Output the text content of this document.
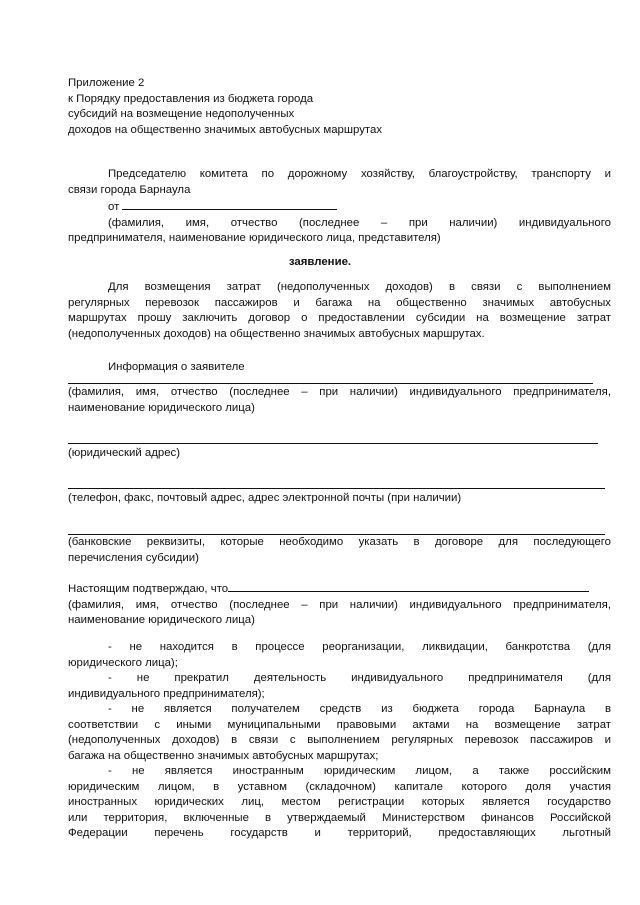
Приложение 2
к Порядку предоставления из бюджета города
субсидий на возмещение недополученных
доходов на общественно значимых автобусных маршрутах
Председателю комитета по дорожному хозяйству, благоустройству, транспорту и
связи города Барнаула
от
(фамилия, имя, отчество (последнее – при наличии) индивидуального
предпринимателя, наименование юридического лица, представителя)
заявление.
Для возмещения затрат (недополученных доходов) в связи с выполнением
регулярных перевозок пассажиров и багажа на общественно значимых автобусных
маршрутах прошу заключить договор о предоставлении субсидии на возмещение затрат
(недополученных доходов) на общественно значимых автобусных маршрутах.
Информация о заявителе
(фамилия, имя, отчество (последнее – при наличии) индивидуального предпринимателя,
наименование юридического лица)
(юридический адрес)
(телефон, факс, почтовый адрес, адрес электронной почты (при наличии)
(банковские реквизиты, которые необходимо указать в договоре для последующего
перечисления субсидии)
Настоящим подтверждаю, что
(фамилия, имя, отчество (последнее – при наличии) индивидуального предпринимателя,
наименование юридического лица)
- не находится в процессе реорганизации, ликвидации, банкротства (для
юридического лица);
- не прекратил деятельность индивидуального предпринимателя (для
индивидуального предпринимателя);
- не является получателем средств из бюджета города Барнаула в
соответствии с иными муниципальными правовыми актами на возмещение затрат
(недополученных доходов) в связи с выполнением регулярных перевозок пассажиров и
багажа на общественно значимых автобусных маршрутах;
- не является иностранным юридическим лицом, а также российским
юридическим лицом, в уставном (складочном) капитале которого доля участия
иностранных юридических лиц, местом регистрации которых является государство
или территория, включенные в утверждаемый Министерством финансов Российской
Федерации перечень государств и территорий, предоставляющих льготный
